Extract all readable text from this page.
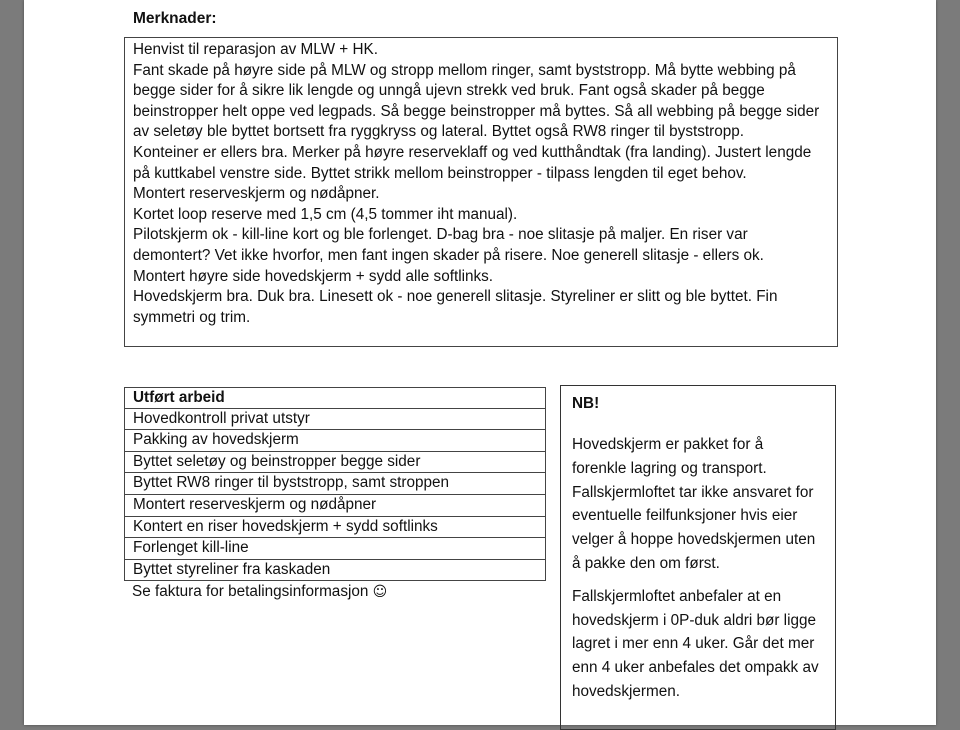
Merknader:
Henvist til reparasjon av MLW + HK.
Fant skade på høyre side på MLW og stropp mellom ringer, samt byststropp. Må bytte webbing på
begge sider for å sikre lik lengde og unngå ujevn strekk ved bruk. Fant også skader på begge
beinstropper helt oppe ved legpads. Så begge beinstropper må byttes. Så all webbing på begge sider
av seletøy ble byttet bortsett fra ryggkryss og lateral. Byttet også RW8 ringer til byststropp.
Konteiner er ellers bra. Merker på høyre reserveklaff og ved kutthåndtak (fra landing). Justert lengde
på kuttkabel venstre side. Byttet strikk mellom beinstropper - tilpass lengden til eget behov.
Montert reserveskjerm og nødåpner.
Kortet loop reserve med 1,5 cm (4,5 tommer iht manual).
Pilotskjerm ok - kill-line kort og ble forlenget. D-bag bra - noe slitasje på maljer. En riser var
demontert? Vet ikke hvorfor, men fant ingen skader på risere. Noe generell slitasje - ellers ok.
Montert høyre side hovedskjerm + sydd alle softlinks.
Hovedskjerm bra. Duk bra. Linesett ok - noe generell slitasje. Styreliner er slitt og ble byttet. Fin
symmetri og trim.
Utført arbeid
Hovedkontroll privat utstyr
Pakking av hovedskjerm
Byttet seletøy og beinstropper begge sider
Byttet RW8 ringer til byststropp, samt stroppen
Montert reserveskjerm og nødåpner
Kontert en riser hovedskjerm + sydd softlinks
Forlenget kill-line
Byttet styreliner fra kaskaden
Se faktura for betalingsinformasjon ☺
NB!
Hovedskjerm er pakket for å
forenkle lagring og transport.
Fallskjermloftet tar ikke ansvaret for
eventuelle feilfunksjoner hvis eier
velger å hoppe hovedskjermen uten
å pakke den om først.
Fallskjermloftet anbefaler at en
hovedskjerm i 0P-duk aldri bør ligge
lagret i mer enn 4 uker. Går det mer
enn 4 uker anbefales det ompakk av
hovedskjermen.
